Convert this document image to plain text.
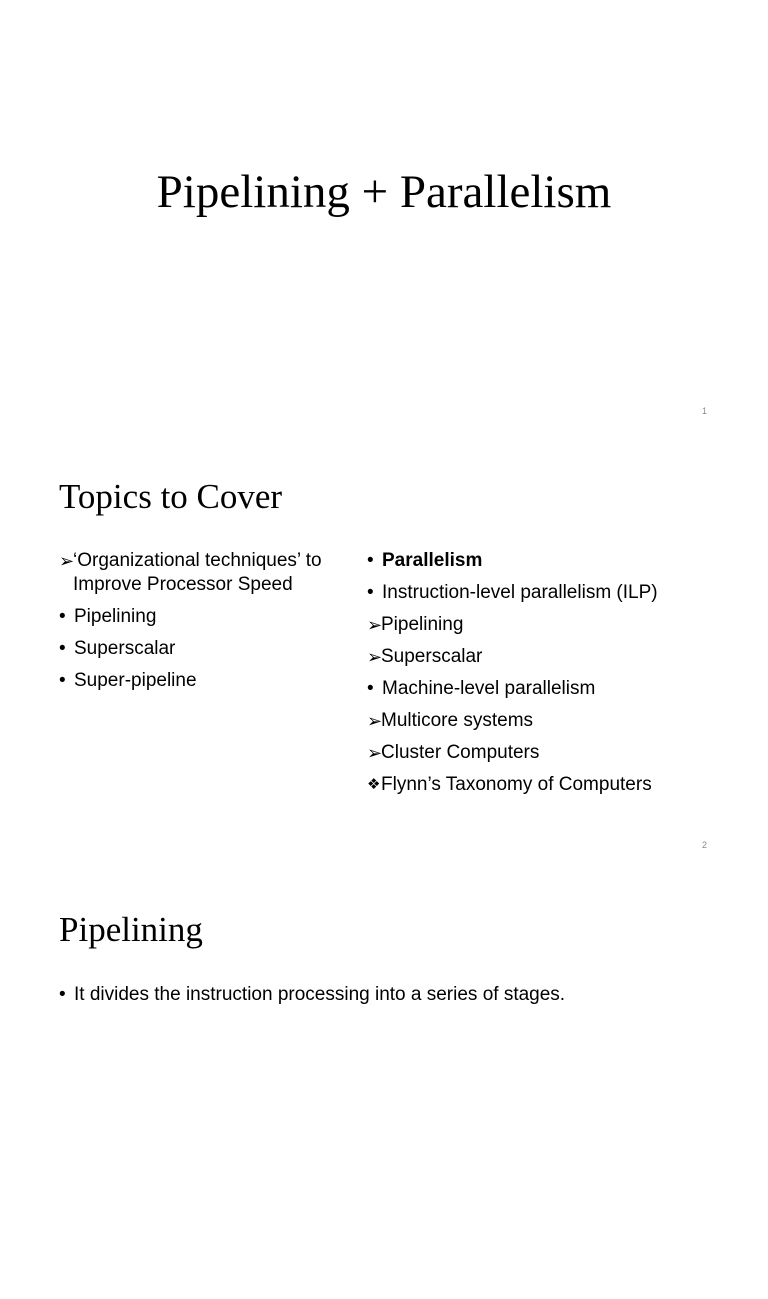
Pipelining + Parallelism
1
Topics to Cover
➢
‘Organizational techniques’ to Improve Processor Speed
• Pipelining
• Superscalar
• Super-pipeline
• Parallelism
• Instruction-level parallelism (ILP)
➢
Pipelining
➢
Superscalar
• Machine-level parallelism
➢
Multicore systems
➢
Cluster Computers
❖ Flynn’s Taxonomy of Computers
2
Pipelining
• It divides the instruction processing into a series of stages.
